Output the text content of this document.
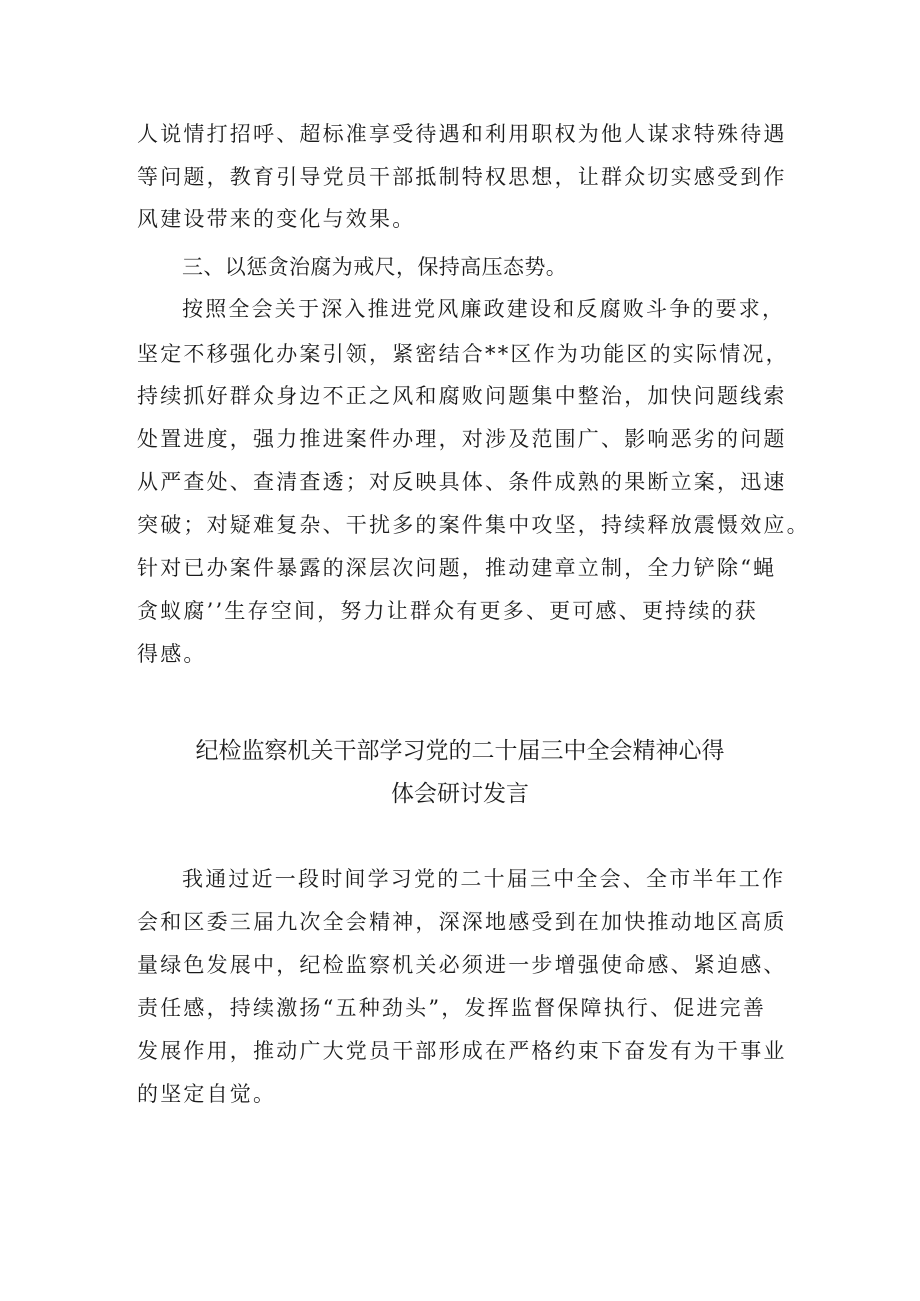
人说情打招呼、超标准享受待遇和利用职权为他人谋求特殊待遇
等问题，教育引导党员干部抵制特权思想，让群众切实感受到作
风建设带来的变化与效果。
三、以惩贪治腐为戒尺，保持高压态势。
按照全会关于深入推进党风廉政建设和反腐败斗争的要求，
坚定不移强化办案引领，紧密结合**区作为功能区的实际情况，
持续抓好群众身边不正之风和腐败问题集中整治，加快问题线索
处置进度，强力推进案件办理，对涉及范围广、影响恶劣的问题
从严查处、查清査透；对反映具体、条件成熟的果断立案，迅速
突破；对疑难复杂、干扰多的案件集中攻坚，持续释放震慑效应。
针对已办案件暴露的深层次问题，推动建章立制，全力铲除“蝇
贪蚁腐’’生存空间，努力让群众有更多、更可感、更持续的获
得感。
纪检监察机关干部学习党的二十届三中全会精神心得
体会研讨发言
我通过近一段时间学习党的二十届三中全会、全市半年工作
会和区委三届九次全会精神，深深地感受到在加快推动地区高质
量绿色发展中，纪检监察机关必须进一步增强使命感、紧迫感、
责任感，持续激扬“五种劲头”，发挥监督保障执行、促进完善
发展作用，推动广大党员干部形成在严格约束下奋发有为干事业
的坚定自觉。
